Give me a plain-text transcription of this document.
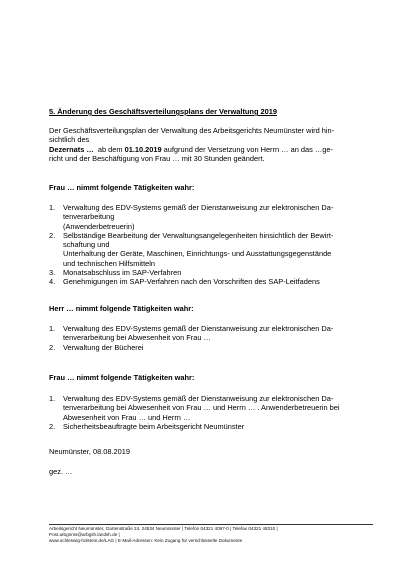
5. Änderung des Geschäftsverteilungsplans der Verwaltung 2019

Der Geschäftsverteilungsplan der Verwaltung des Arbeitsgerichts Neumünster wird hin-

sichtlich des

Dezernats …  ab dem 01.10.2019 aufgrund der Versetzung von Herrn … an das …ge-

richt und der Beschäftigung von Frau … mit 30 Stunden geändert.

Frau … nimmt folgende Tätigkeiten wahr:
1. Verwaltung des EDV-Systems gemäß der Dienstanweisung zur elektronischen Da-
tenverarbeitung
(Anwenderbetreuerin)
2. Selbständige Bearbeitung der Verwaltungsangelegenheiten hinsichtlich der Bewirt-
schaftung und
Unterhaltung der Geräte, Maschinen, Einrichtungs- und Ausstattungsgegenstände
und technischen Hilfsmitteln
3. Monatsabschluss im SAP-Verfahren
4. Genehmigungen im SAP-Verfahren nach den Vorschriften des SAP-Leitfadens
Herr … nimmt folgende Tätigkeiten wahr:
1. Verwaltung des EDV-Systems gemäß der Dienstanweisung zur elektronischen Da-
tenverarbeitung bei Abwesenheit von Frau …
2. Verwaltung der Bücherei
Frau … nimmt folgende Tätigkeiten wahr:
1. Verwaltung des EDV-Systems gemäß der Dienstanweisung zur elektronischen Da-
tenverarbeitung bei Abwesenheit von Frau … und Herrn … . Anwenderbetreuerin bei
Abwesenheit von Frau … und Herrn …
2. Sicherheitsbeauftragte beim Arbeitsgericht Neumünster
Neumünster, 08.08.2019
gez. …
Arbeitsgericht Neumünster, Gartenstraße 24, 24534 Neumünster | Telefon 04321 4097-0 | Telefax 04321 48310 |
Post.arbgnms@arbgsh.landsh.de |
www.schleswig-holstein.de/LAG | E-Mail-Adressen: Kein Zugang für verschlüsselte Dokumente
